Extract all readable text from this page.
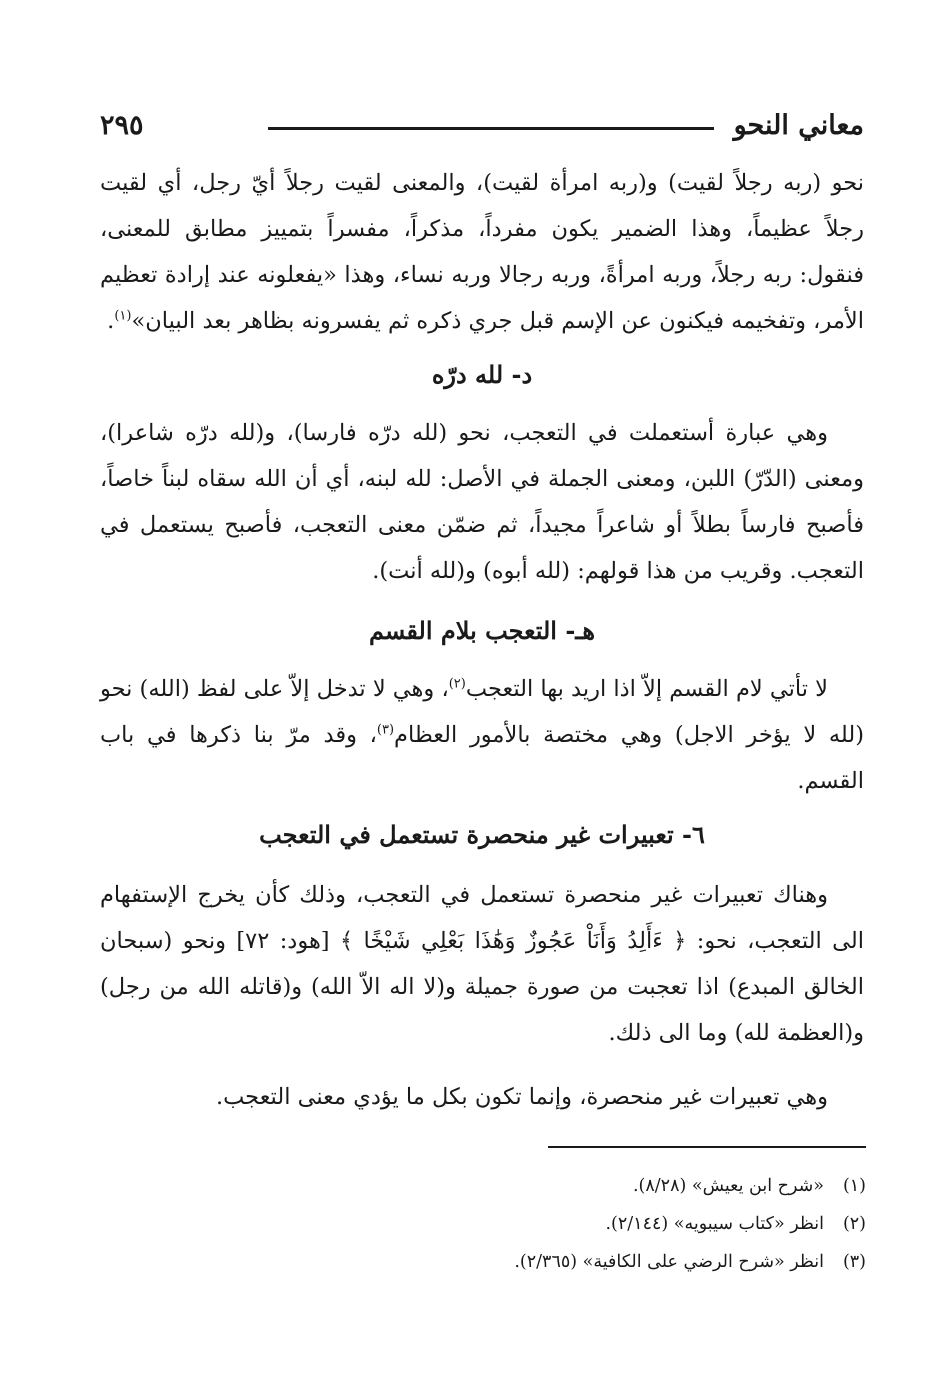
معاني النحو
٢٩٥

نحو (ربه رجلاً لقيت) و(ربه امرأة لقيت)، والمعنى لقيت رجلاً أيّ رجل، أي لقيت رجلاً عظيماً، وهذا الضمير يكون مفرداً، مذكراً، مفسراً بتمييز مطابق للمعنى، فنقول: ربه رجلاً، وربه امرأةً، وربه رجالا وربه نساء، وهذا «يفعلونه عند إرادة تعظيم الأمر، وتفخيمه فيكنون عن الإسم قبل جري ذكره ثم يفسرونه بظاهر بعد البيان»$^{(١)}$.

د- لله درّه

وهي عبارة أستعملت في التعجب، نحو (لله درّه فارسا)، و(لله درّه شاعرا)، ومعنى (الدّرّ) اللبن، ومعنى الجملة في الأصل: لله لبنه، أي أن الله سقاه لبناً خاصاً، فأصبح فارساً بطلاً أو شاعراً مجيداً، ثم ضمّن معنى التعجب، فأصبح يستعمل في التعجب. وقريب من هذا قولهم: (لله أبوه) و(لله أنت).

هـ- التعجب بلام القسم

لا تأتي لام القسم إلاّ اذا اريد بها التعجب$^{(٢)}$، وهي لا تدخل إلاّ على لفظ (الله) نحو (لله لا يؤخر الاجل) وهي مختصة بالأمور العظام$^{(٣)}$، وقد مرّ بنا ذكرها في باب القسم.

٦- تعبيرات غير منحصرة تستعمل في التعجب

وهناك تعبيرات غير منحصرة تستعمل في التعجب، وذلك كأن يخرج الإستفهام الى التعجب، نحو: ﴿ ءَأَلِدُ وَأَنَاْ عَجُوزٌ وَهَٰذَا بَعْلِي شَيْخًا ﴾ [هود: ٧٢] ونحو (سبحان الخالق المبدع) اذا تعجبت من صورة جميلة و(لا اله الاّ الله) و(قاتله الله من رجل) و(العظمة لله) وما الى ذلك.

وهي تعبيرات غير منحصرة، وإنما تكون بكل ما يؤدي معنى التعجب.

(١)«شرح ابن يعيش» (٨/٢٨).
(٢)انظر «كتاب سيبويه» (٢/١٤٤).
(٣)انظر «شرح الرضي على الكافية» (٢/٣٦٥).
